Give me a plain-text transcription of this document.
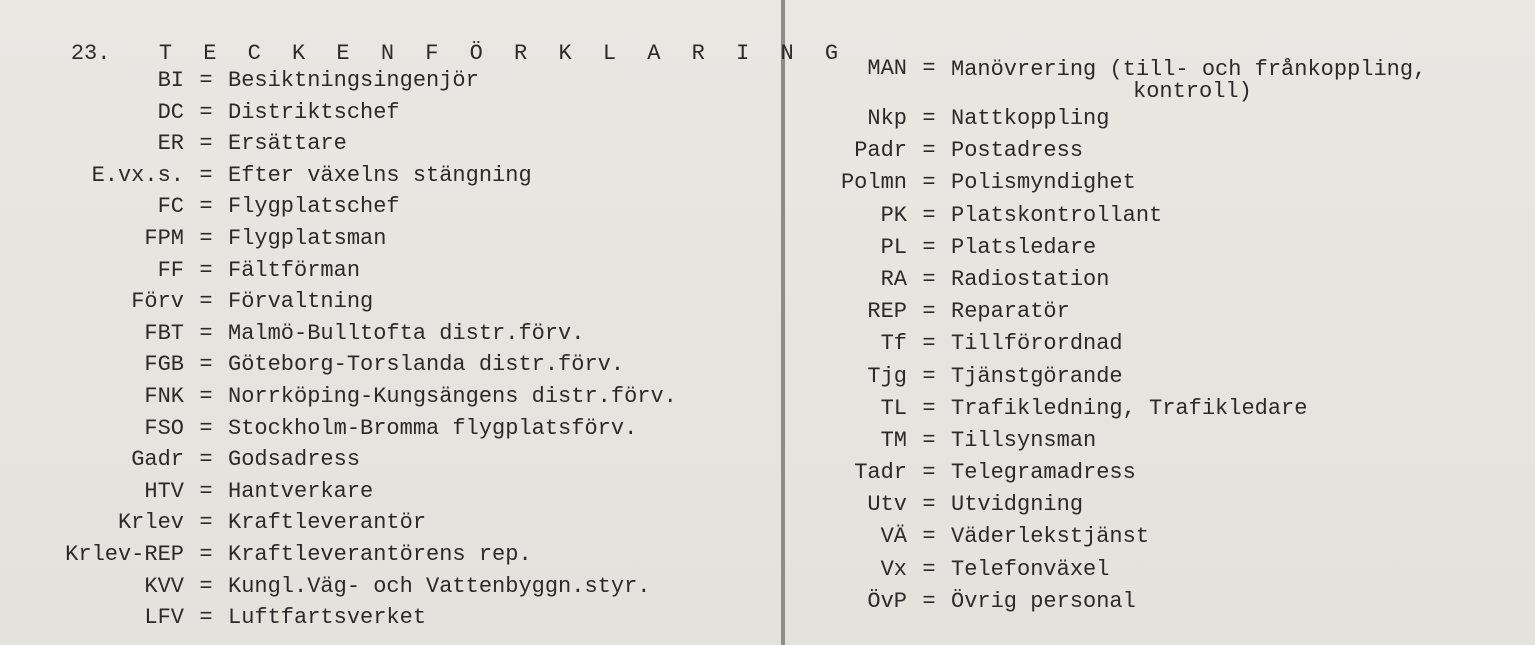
23. T E C K E N F Ö R K L A R I N G

BI = Besiktningsingenjör
DC = Distriktschef
ER = Ersättare
E.vx.s. = Efter växelns stängning
FC = Flygplatschef
FPM = Flygplatsman
FF = Fältförman
Förv = Förvaltning
FBT = Malmö-Bulltofta distr.förv.
FGB = Göteborg-Torslanda distr.förv.
FNK = Norrköping-Kungsängens distr.förv.
FSO = Stockholm-Bromma flygplatsförv.
Gadr = Godsadress
HTV = Hantverkare
Krlev = Kraftleverantör
Krlev-REP = Kraftleverantörens rep.
KVV = Kungl.Väg- och Vattenbyggn.styr.
LFV = Luftfartsverket
MAN = Manövrering (till- och frånkoppling,
kontroll)
Nkp = Nattkoppling
Padr = Postadress
Polmn = Polismyndighet
PK = Platskontrollant
PL = Platsledare
RA = Radiostation
REP = Reparatör
Tf = Tillförordnad
Tjg = Tjänstgörande
TL = Trafikledning, Trafikledare
TM = Tillsynsman
Tadr = Telegramadress
Utv = Utvidgning
VÄ = Väderlekstjänst
Vx = Telefonväxel
ÖvP = Övrig personal
